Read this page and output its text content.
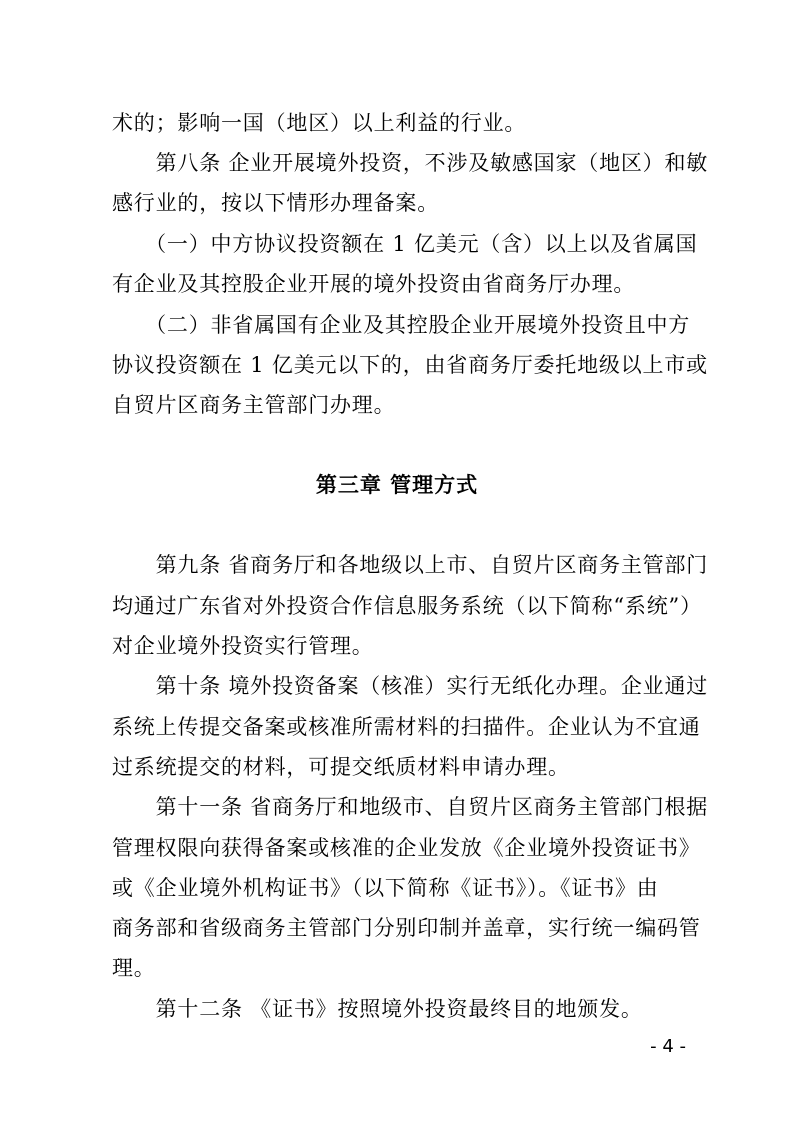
术的；影响一国（地区）以上利益的行业。
　　第八条 企业开展境外投资，不涉及敏感国家（地区）和敏
感行业的，按以下情形办理备案。
　　（一）中方协议投资额在 1 亿美元（含）以上以及省属国
有企业及其控股企业开展的境外投资由省商务厅办理。
　　（二）非省属国有企业及其控股企业开展境外投资且中方
协议投资额在 1 亿美元以下的，由省商务厅委托地级以上市或
自贸片区商务主管部门办理。
第三章 管理方式
　　第九条 省商务厅和各地级以上市、自贸片区商务主管部门
均通过广东省对外投资合作信息服务系统（以下简称“系统”）
对企业境外投资实行管理。
　　第十条 境外投资备案（核准）实行无纸化办理。企业通过
系统上传提交备案或核准所需材料的扫描件。企业认为不宜通
过系统提交的材料，可提交纸质材料申请办理。
　　第十一条 省商务厅和地级市、自贸片区商务主管部门根据
管理权限向获得备案或核准的企业发放《企业境外投资证书》
或《企业境外机构证书》（以下简称《证书》）。《证书》由
商务部和省级商务主管部门分别印制并盖章，实行统一编码管
理。
　　第十二条 《证书》按照境外投资最终目的地颁发。
- 4 -
